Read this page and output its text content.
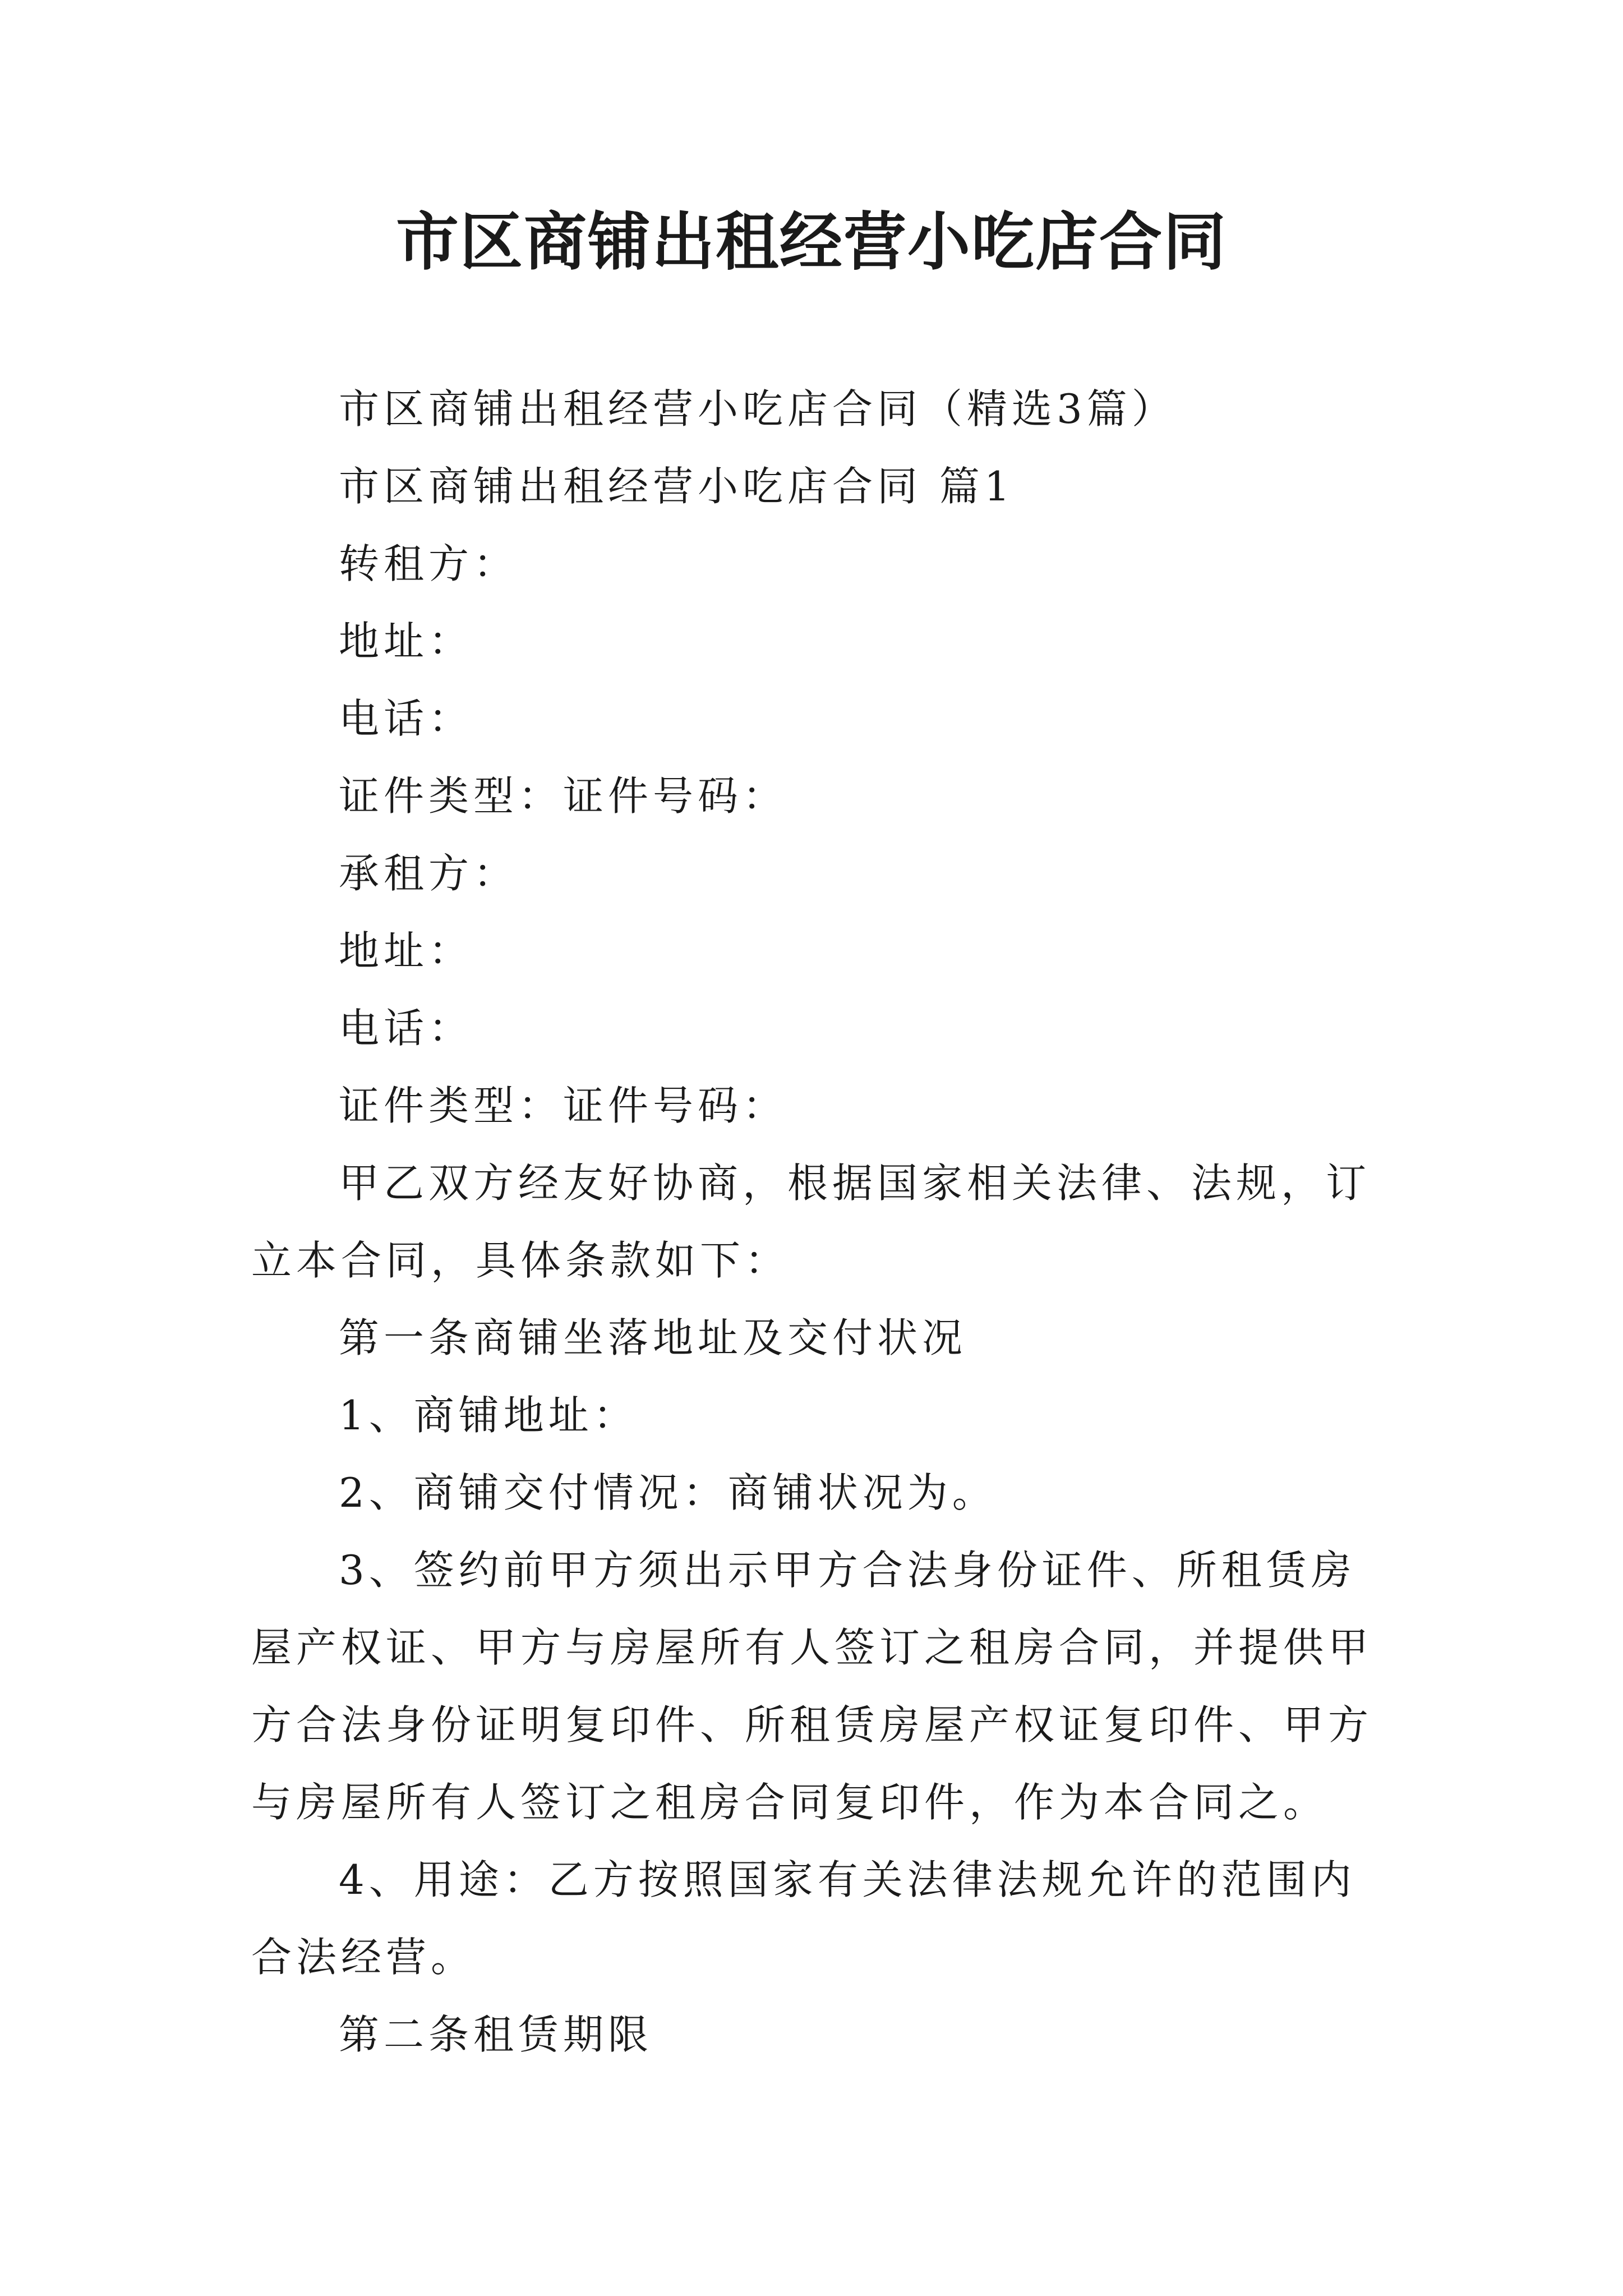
市区商铺出租经营小吃店合同

市区商铺出租经营小吃店合同（精选3篇）

市区商铺出租经营小吃店合同 篇1

转租方：

地址：

电话：

证件类型：证件号码：

承租方：

地址：

电话：

证件类型：证件号码：

甲乙双方经友好协商，根据国家相关法律、法规，订立本合同，具体条款如下：

第一条商铺坐落地址及交付状况

1、商铺地址：

2、商铺交付情况：商铺状况为。

3、签约前甲方须出示甲方合法身份证件、所租赁房屋产权证、甲方与房屋所有人签订之租房合同，并提供甲方合法身份证明复印件、所租赁房屋产权证复印件、甲方与房屋所有人签订之租房合同复印件，作为本合同之。

4、用途：乙方按照国家有关法律法规允许的范围内合法经营。

第二条租赁期限
